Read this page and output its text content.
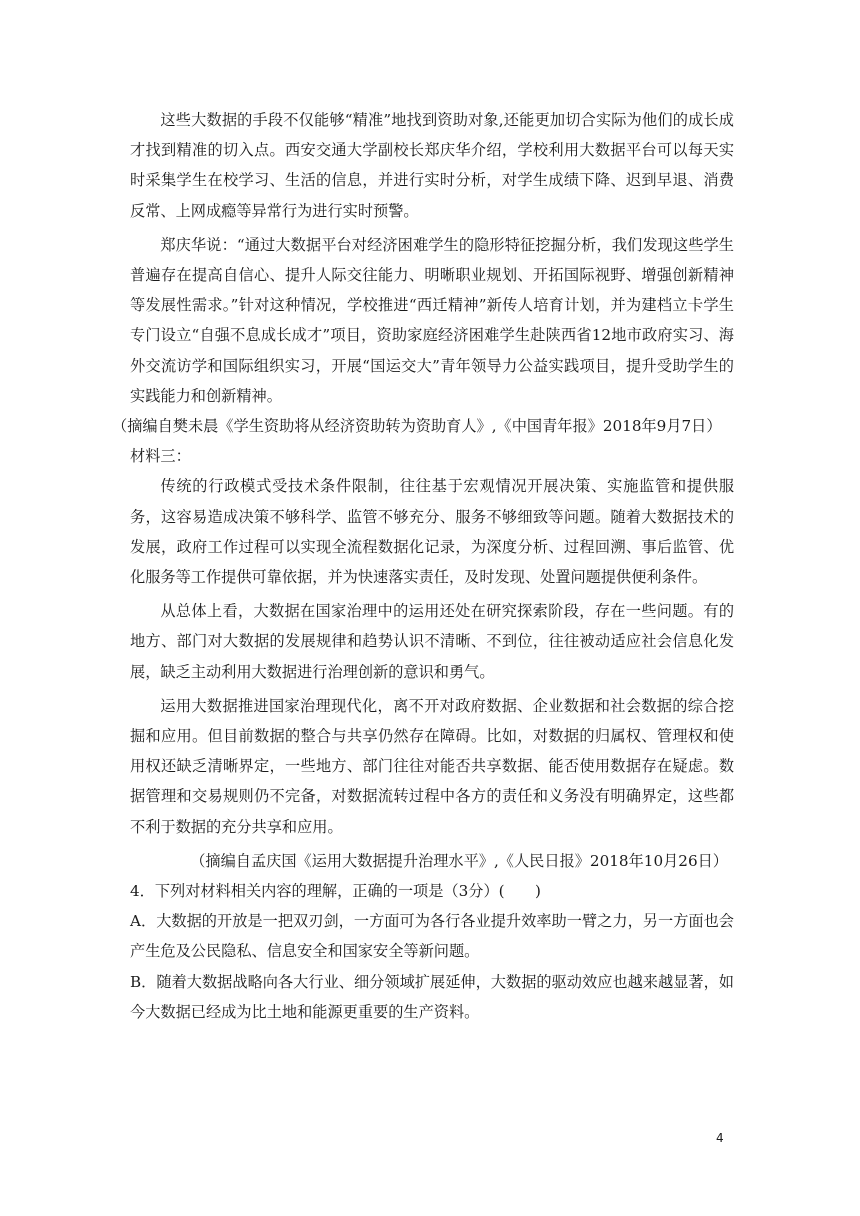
这些大数据的手段不仅能够“精准”地找到资助对象,还能更加切合实际为他们的成长成才找到精准的切入点。西安交通大学副校长郑庆华介绍，学校利用大数据平台可以每天实时采集学生在校学习、生活的信息，并进行实时分析，对学生成绩下降、迟到早退、消费反常、上网成瘾等异常行为进行实时预警。

郑庆华说：“通过大数据平台对经济困难学生的隐形特征挖掘分析，我们发现这些学生普遍存在提高自信心、提升人际交往能力、明晰职业规划、开拓国际视野、增强创新精神等发展性需求。”针对这种情况，学校推进“西迁精神”新传人培育计划，并为建档立卡学生专门设立“自强不息成长成才”项目，资助家庭经济困难学生赴陕西省12地市政府实习、海外交流访学和国际组织实习，开展“国运交大”青年领导力公益实践项目，提升受助学生的实践能力和创新精神。

（摘编自樊未晨《学生资助将从经济资助转为资助育人》,《中国青年报》2018年9月7日）

材料三：

传统的行政模式受技术条件限制，往往基于宏观情况开展决策、实施监管和提供服务，这容易造成决策不够科学、监管不够充分、服务不够细致等问题。随着大数据技术的发展，政府工作过程可以实现全流程数据化记录，为深度分析、过程回溯、事后监管、优化服务等工作提供可靠依据，并为快速落实责任，及时发现、处置问题提供便利条件。

从总体上看，大数据在国家治理中的运用还处在研究探索阶段，存在一些问题。有的地方、部门对大数据的发展规律和趋势认识不清晰、不到位，往往被动适应社会信息化发展，缺乏主动利用大数据进行治理创新的意识和勇气。

运用大数据推进国家治理现代化，离不开对政府数据、企业数据和社会数据的综合挖掘和应用。但目前数据的整合与共享仍然存在障碍。比如，对数据的归属权、管理权和使用权还缺乏清晰界定，一些地方、部门往往对能否共享数据、能否使用数据存在疑虑。数据管理和交易规则仍不完备，对数据流转过程中各方的责任和义务没有明确界定，这些都不利于数据的充分共享和应用。

（摘编自孟庆国《运用大数据提升治理水平》,《人民日报》2018年10月26日）

4．下列对材料相关内容的理解，正确的一项是（3分）(　　)

A．大数据的开放是一把双刃剑，一方面可为各行各业提升效率助一臂之力，另一方面也会产生危及公民隐私、信息安全和国家安全等新问题。

B．随着大数据战略向各大行业、细分领域扩展延伸，大数据的驱动效应也越来越显著，如今大数据已经成为比土地和能源更重要的生产资料。

4
